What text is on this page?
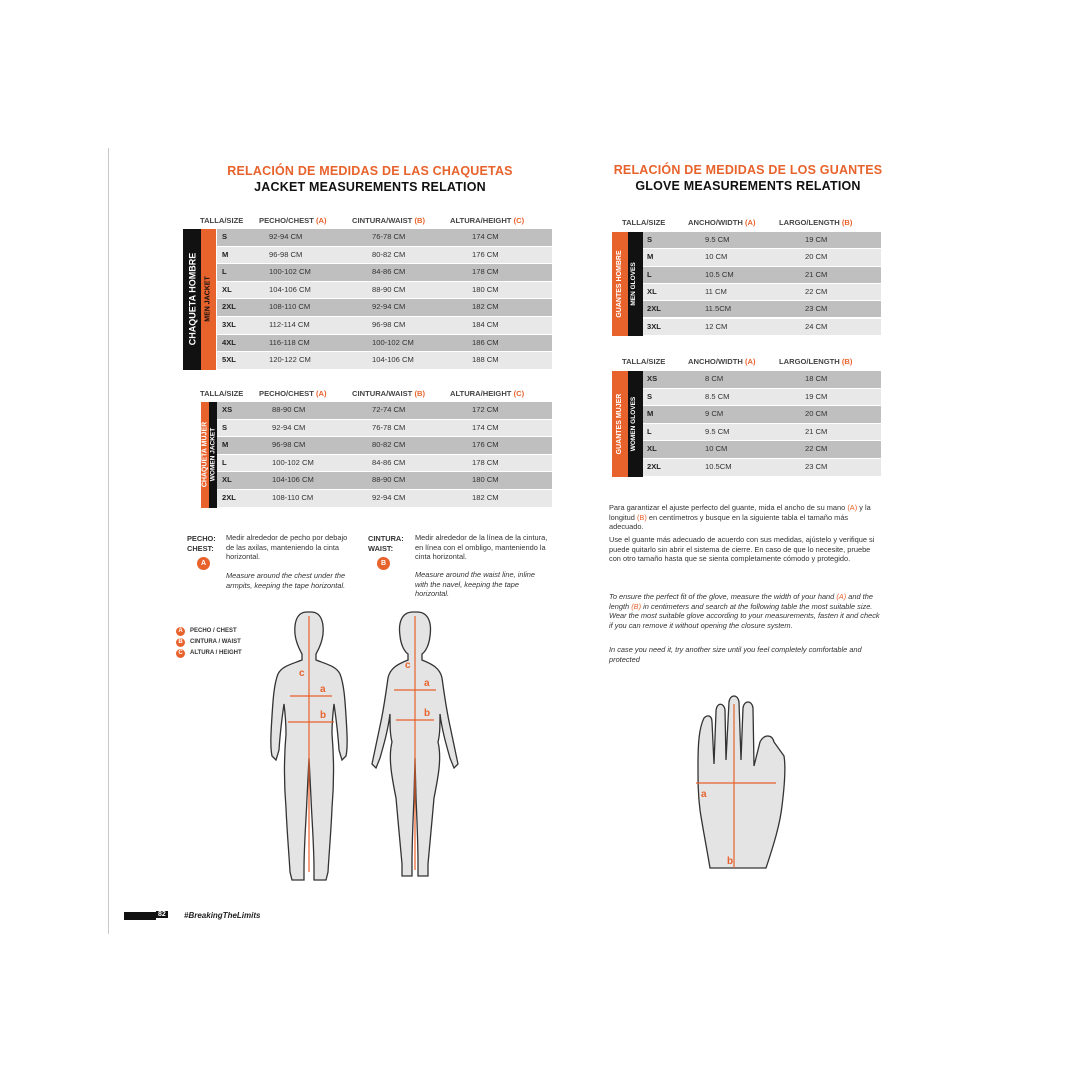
RELACIÓN DE MEDIDAS DE LAS CHAQUETAS
JACKET MEASUREMENTS RELATION
TALLA/SIZE PECHO/CHEST (A)	CINTURA/WAIST (B)	ALTURA/HEIGHT (C)
CHAQUETA HOMBRE MEN JACKET
S	92-94 CM	76-78 CM	174 CM
M	96-98 CM	80-82 CM	176 CM
L	100-102 CM	84-86 CM	178 CM
XL	104-106 CM	88-90 CM	180 CM
2XL	108-110 CM	92-94 CM	182 CM
3XL	112-114 CM	96-98 CM	184 CM
4XL	116-118 CM	100-102 CM	186 CM
5XL	120-122 CM	104-106 CM	188 CM
TALLA/SIZE PECHO/CHEST (A)	CINTURA/WAIST (B)	ALTURA/HEIGHT (C)
CHAQUETA MUJER WOMEN JACKET
XS	88-90 CM	72-74 CM	172 CM
S	92-94 CM	76-78 CM	174 CM
M	96-98 CM	80-82 CM	176 CM
L	100-102 CM	84-86 CM	178 CM
XL	104-106 CM	88-90 CM	180 CM
2XL	108-110 CM	92-94 CM	182 CM
PECHO:
CHEST:
A
Medir alrededor de pecho por debajo de las axilas, manteniendo la cinta horizontal.
Measure around the chest under the armpits, keeping the tape horizontal.
CINTURA:
WAIST:
B
Medir alrededor de la línea de la cintura, en línea con el ombligo, manteniendo la cinta horizontal.
Measure around the waist line, inline with the navel, keeping the tape horizontal.
A	PECHO / CHEST
B	CINTURA / WAIST
C	ALTURA / HEIGHT
c
a
b
c
a
b
82 #BreakingTheLimits
RELACIÓN DE MEDIDAS DE LOS GUANTES
GLOVE MEASUREMENTS RELATION
TALLA/SIZE	ANCHO/WIDTH (A)	LARGO/LENGTH (B)
GUANTES HOMBRE	MEN GLOVES
S	9.5 CM	19 CM
M	10 CM	20 CM
L	10.5 CM	21 CM
XL	11 CM	22 CM
2XL	11.5CM	23 CM
3XL	12 CM	24 CM
TALLA/SIZE	ANCHO/WIDTH (A)	LARGO/LENGTH (B)
GUANTES MUJER	WOMEN GLOVES
XS	8 CM	18 CM
S	8.5 CM	19 CM
M	9 CM	20 CM
L	9.5 CM	21 CM
XL	10 CM	22 CM
2XL	10.5CM	23 CM
Para garantizar el ajuste perfecto del guante, mida el ancho de su mano (A) y la longitud (B) en centímetros y busque en la siguiente tabla el tamaño más adecuado.
Use el guante más adecuado de acuerdo con sus medidas, ajústelo y verifique si puede quitarlo sin abrir el sistema de cierre. En caso de que lo necesite, pruebe con otro tamaño hasta que se sienta completamente cómodo y protegido.
To ensure the perfect fit of the glove, measure the width of your hand (A) and the length (B) in centimeters and search at the following table the most suitable size. Wear the most suitable glove according to your measurements, fasten it and check if you can remove it without opening the closure system.
In case you need it, try another size until you feel completely comfortable and protected
a
b
